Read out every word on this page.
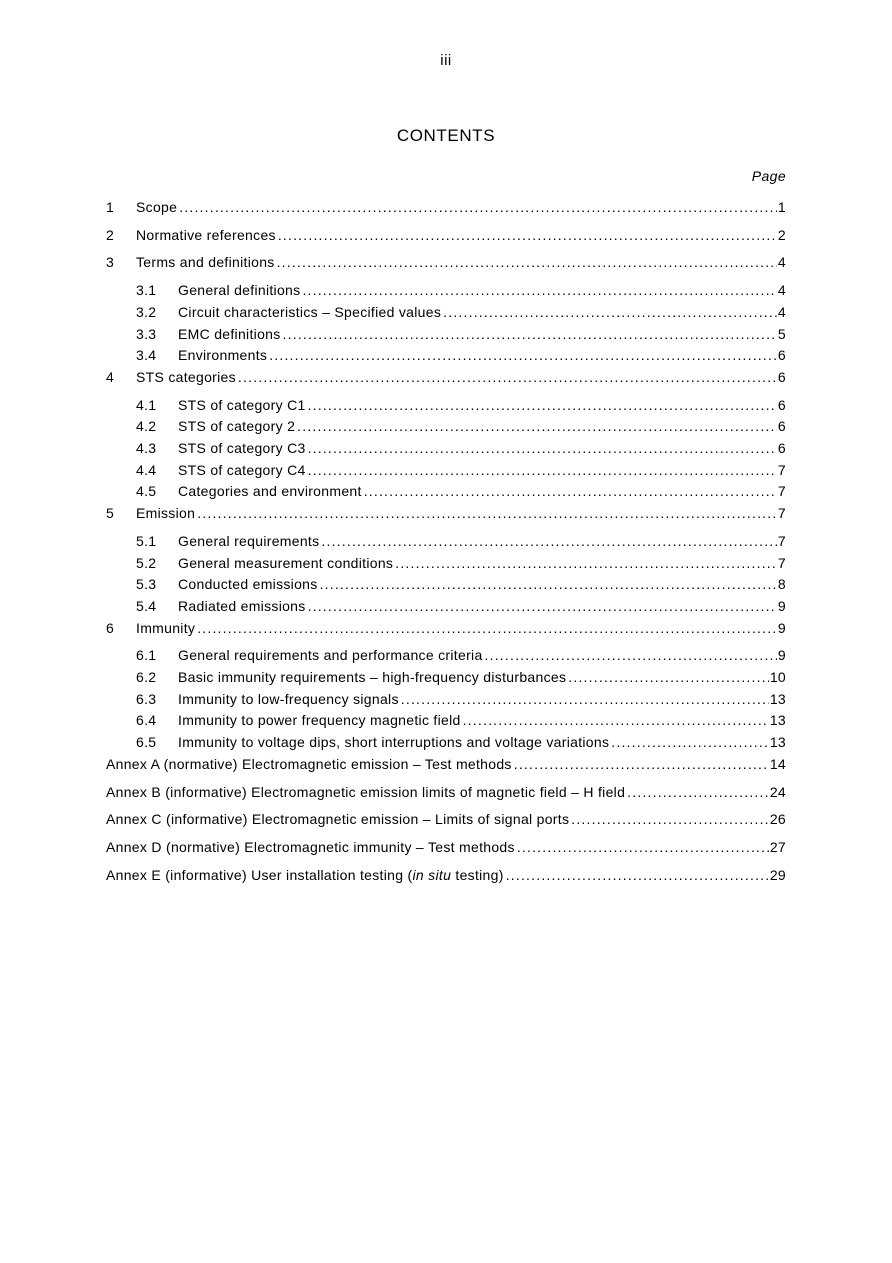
iii
CONTENTS
Page
1	Scope .....	1
2	Normative references .....	2
3	Terms and definitions .....	4
3.1	General definitions .....	4
3.2	Circuit characteristics – Specified values .....	4
3.3	EMC definitions .....	5
3.4	Environments .....	6
4	STS categories .....	6
4.1	STS of category C1 .....	6
4.2	STS of category 2 .....	6
4.3	STS of category C3 .....	6
4.4	STS of category C4 .....	7
4.5	Categories and environment .....	7
5	Emission .....	7
5.1	General requirements .....	7
5.2	General measurement conditions .....	7
5.3	Conducted emissions .....	8
5.4	Radiated emissions .....	9
6	Immunity .....	9
6.1	General requirements and performance criteria .....	9
6.2	Basic immunity requirements – high-frequency disturbances .....	10
6.3	Immunity to low-frequency signals .....	13
6.4	Immunity to power frequency magnetic field .....	13
6.5	Immunity to voltage dips, short interruptions and voltage variations .....	13
Annex A (normative) Electromagnetic emission – Test methods .....	14
Annex B (informative) Electromagnetic emission limits of magnetic field – H field .....	24
Annex C (informative) Electromagnetic emission – Limits of signal ports .....	26
Annex D (normative) Electromagnetic immunity – Test methods .....	27
Annex E (informative) User installation testing (in situ testing) .....	29
